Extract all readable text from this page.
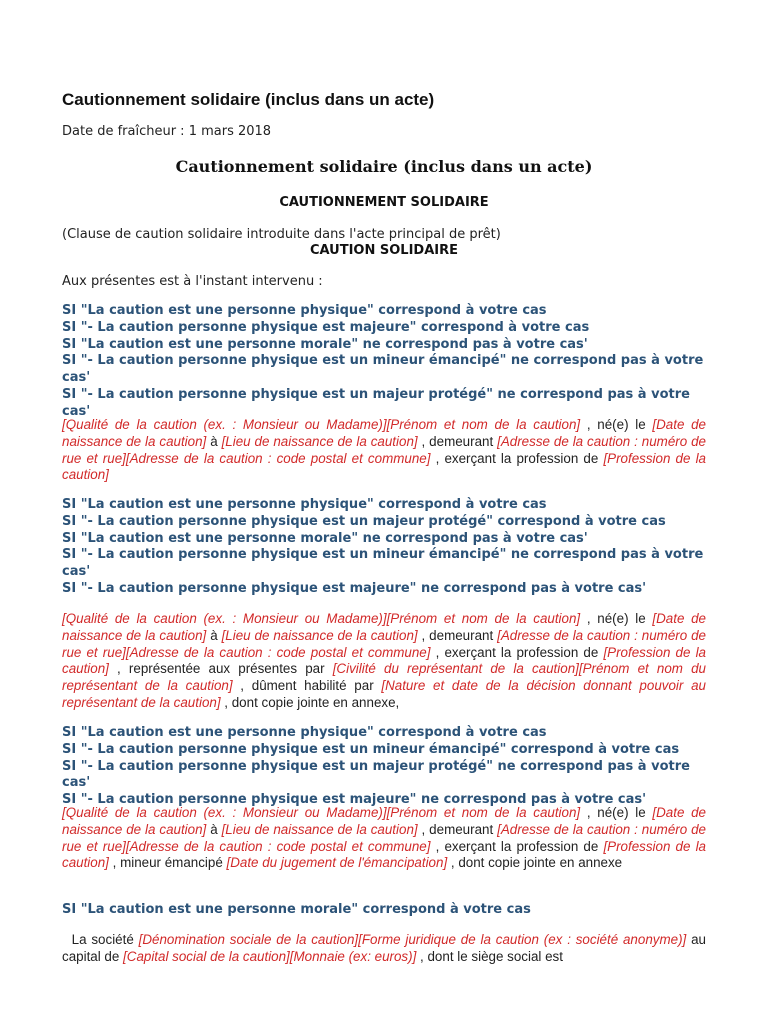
Cautionnement solidaire (inclus dans un acte)
Date de fraîcheur : 1 mars 2018
Cautionnement solidaire (inclus dans un acte)
CAUTIONNEMENT SOLIDAIRE
(Clause de caution solidaire introduite dans l'acte principal de prêt)
CAUTION SOLIDAIRE
Aux présentes est à l'instant intervenu :
SI "La caution est une personne physique" correspond à votre cas
SI "- La caution personne physique est majeure" correspond à votre cas
SI "La caution est une personne morale" ne correspond pas à votre cas'
SI "- La caution personne physique est un mineur émancipé" ne correspond pas à votre
cas'
SI "- La caution personne physique est un majeur protégé" ne correspond pas à votre cas'
[Qualité de la caution (ex. : Monsieur ou Madame)][Prénom et nom de la caution] , né(e) le [Date de naissance de la caution] à [Lieu de naissance de la caution] , demeurant [Adresse de la caution : numéro de rue et rue][Adresse de la caution : code postal et commune] , exerçant la profession de [Profession de la caution]
SI "La caution est une personne physique" correspond à votre cas
SI "- La caution personne physique est un majeur protégé" correspond à votre cas
SI "La caution est une personne morale" ne correspond pas à votre cas'
SI "- La caution personne physique est un mineur émancipé" ne correspond pas à votre
cas'
SI "- La caution personne physique est majeure" ne correspond pas à votre cas'
[Qualité de la caution (ex. : Monsieur ou Madame)][Prénom et nom de la caution] , né(e) le [Date de naissance de la caution] à [Lieu de naissance de la caution] , demeurant [Adresse de la caution : numéro de rue et rue][Adresse de la caution : code postal et commune] , exerçant la profession de [Profession de la caution] , représentée aux présentes par [Civilité du représentant de la caution][Prénom et nom du représentant de la caution] , dûment habilité par [Nature et date de la décision donnant pouvoir au représentant de la caution] , dont copie jointe en annexe,
SI "La caution est une personne physique" correspond à votre cas
SI "- La caution personne physique est un mineur émancipé" correspond à votre cas
SI "- La caution personne physique est un majeur protégé" ne correspond pas à votre cas'
SI "- La caution personne physique est majeure" ne correspond pas à votre cas'
[Qualité de la caution (ex. : Monsieur ou Madame)][Prénom et nom de la caution] , né(e) le [Date de naissance de la caution] à [Lieu de naissance de la caution] , demeurant [Adresse de la caution : numéro de rue et rue][Adresse de la caution : code postal et commune] , exerçant la profession de [Profession de la caution] , mineur émancipé [Date du jugement de l'émancipation] , dont copie jointe en annexe
SI "La caution est une personne morale" correspond à votre cas
La société [Dénomination sociale de la caution][Forme juridique de la caution (ex : société anonyme)] au capital de [Capital social de la caution][Monnaie (ex: euros)] , dont le siège social est
